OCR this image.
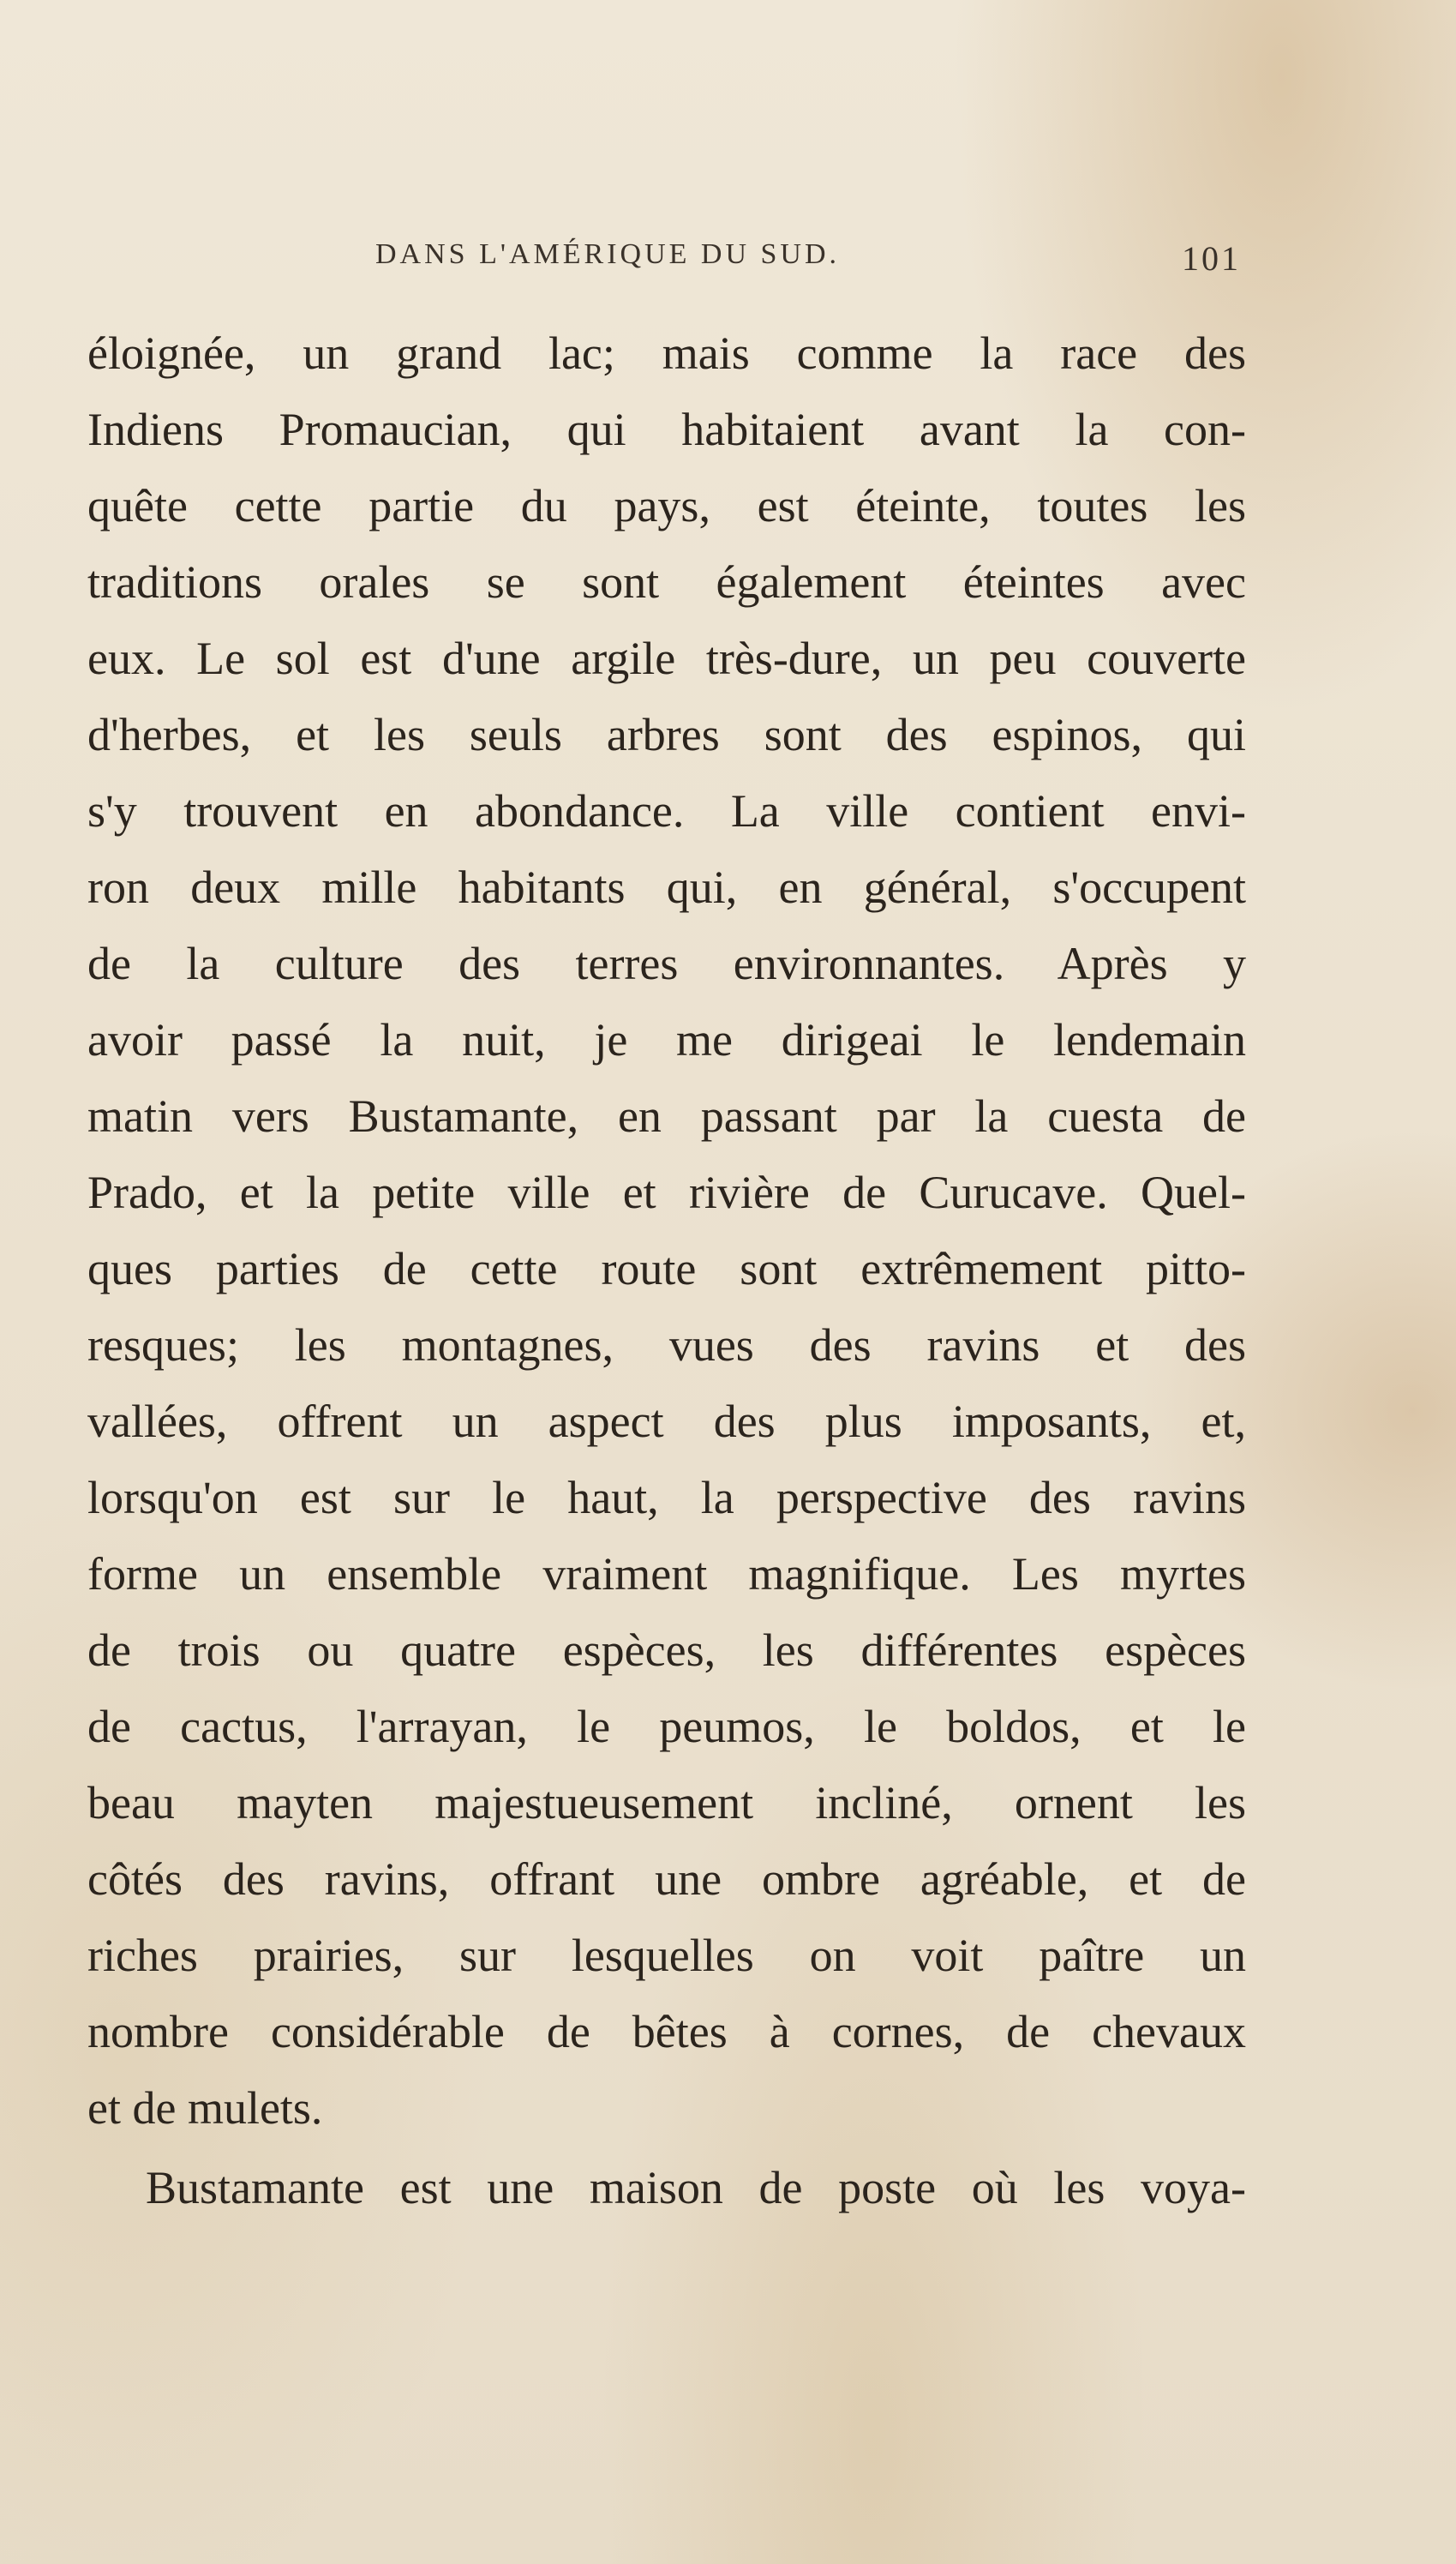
DANS L'AMÉRIQUE DU SUD.	101
éloignée, un grand lac; mais comme la race des
Indiens Promaucian, qui habitaient avant la con-
quête cette partie du pays, est éteinte, toutes les
traditions orales se sont également éteintes avec
eux. Le sol est d'une argile très-dure, un peu couverte
d'herbes, et les seuls arbres sont des espinos, qui
s'y trouvent en abondance. La ville contient envi-
ron deux mille habitants qui, en général, s'occupent
de la culture des terres environnantes. Après y
avoir passé la nuit, je me dirigeai le lendemain
matin vers Bustamante, en passant par la cuesta de
Prado, et la petite ville et rivière de Curucave. Quel-
ques parties de cette route sont extrêmement pitto-
resques; les montagnes, vues des ravins et des
vallées, offrent un aspect des plus imposants, et,
lorsqu'on est sur le haut, la perspective des ravins
forme un ensemble vraiment magnifique. Les myrtes
de trois ou quatre espèces, les différentes espèces
de cactus, l'arrayan, le peumos, le boldos, et le
beau mayten majestueusement incliné, ornent les
côtés des ravins, offrant une ombre agréable, et de
riches prairies, sur lesquelles on voit paître un
nombre considérable de bêtes à cornes, de chevaux
et de mulets.
Bustamante est une maison de poste où les voya-
